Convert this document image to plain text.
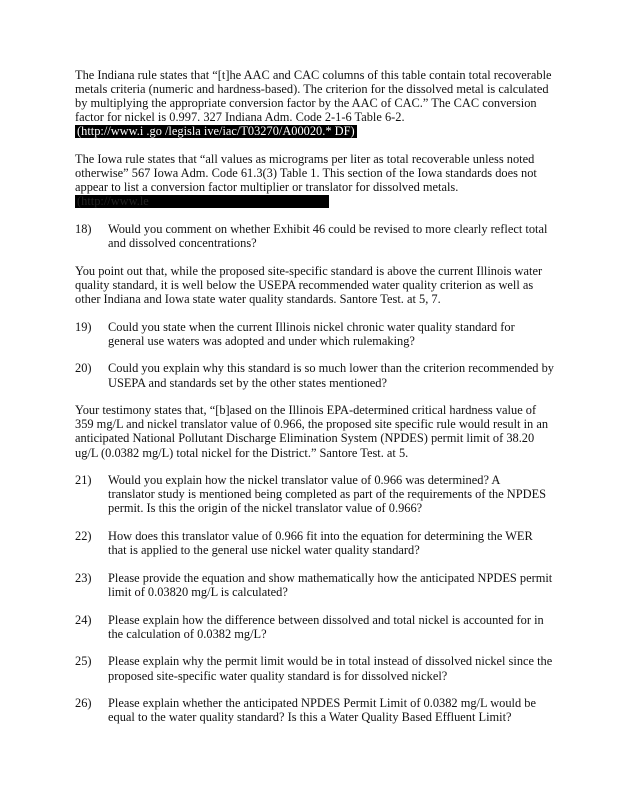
The Indiana rule states that “[t]he AAC and CAC columns of this table contain total recoverable
metals criteria (numeric and hardness-based). The criterion for the dissolved metal is calculated
by multiplying the appropriate conversion factor by the AAC of CAC.” The CAC conversion
factor for nickel is 0.997. 327 Indiana Adm. Code 2-1-6 Table 6-2.
(http://www.i .go /legisla ive/iac/T03270/A00020.* DF)
The Iowa rule states that “all values as micrograms per liter as total recoverable unless noted
otherwise” 567 Iowa Adm. Code 61.3(3) Table 1. This section of the Iowa standards does not
appear to list a conversion factor multiplier or translator for dissolved metals.
(http://www.le
18) Would you comment on whether Exhibit 46 could be revised to more clearly reflect total
and dissolved concentrations?
You point out that, while the proposed site-specific standard is above the current Illinois water
quality standard, it is well below the USEPA recommended water quality criterion as well as
other Indiana and Iowa state water quality standards. Santore Test. at 5, 7.
19) Could you state when the current Illinois nickel chronic water quality standard for
general use waters was adopted and under which rulemaking?
20) Could you explain why this standard is so much lower than the criterion recommended by
USEPA and standards set by the other states mentioned?
Your testimony states that, “[b]ased on the Illinois EPA-determined critical hardness value of
359 mg/L and nickel translator value of 0.966, the proposed site specific rule would result in an
anticipated National Pollutant Discharge Elimination System (NPDES) permit limit of 38.20
ug/L (0.0382 mg/L) total nickel for the District.” Santore Test. at 5.
21) Would you explain how the nickel translator value of 0.966 was determined? A
translator study is mentioned being completed as part of the requirements of the NPDES
permit. Is this the origin of the nickel translator value of 0.966?
22) How does this translator value of 0.966 fit into the equation for determining the WER
that is applied to the general use nickel water quality standard?
23) Please provide the equation and show mathematically how the anticipated NPDES permit
limit of 0.03820 mg/L is calculated?
24) Please explain how the difference between dissolved and total nickel is accounted for in
the calculation of 0.0382 mg/L?
25) Please explain why the permit limit would be in total instead of dissolved nickel since the
proposed site-specific water quality standard is for dissolved nickel?
26) Please explain whether the anticipated NPDES Permit Limit of 0.0382 mg/L would be
equal to the water quality standard? Is this a Water Quality Based Effluent Limit?
